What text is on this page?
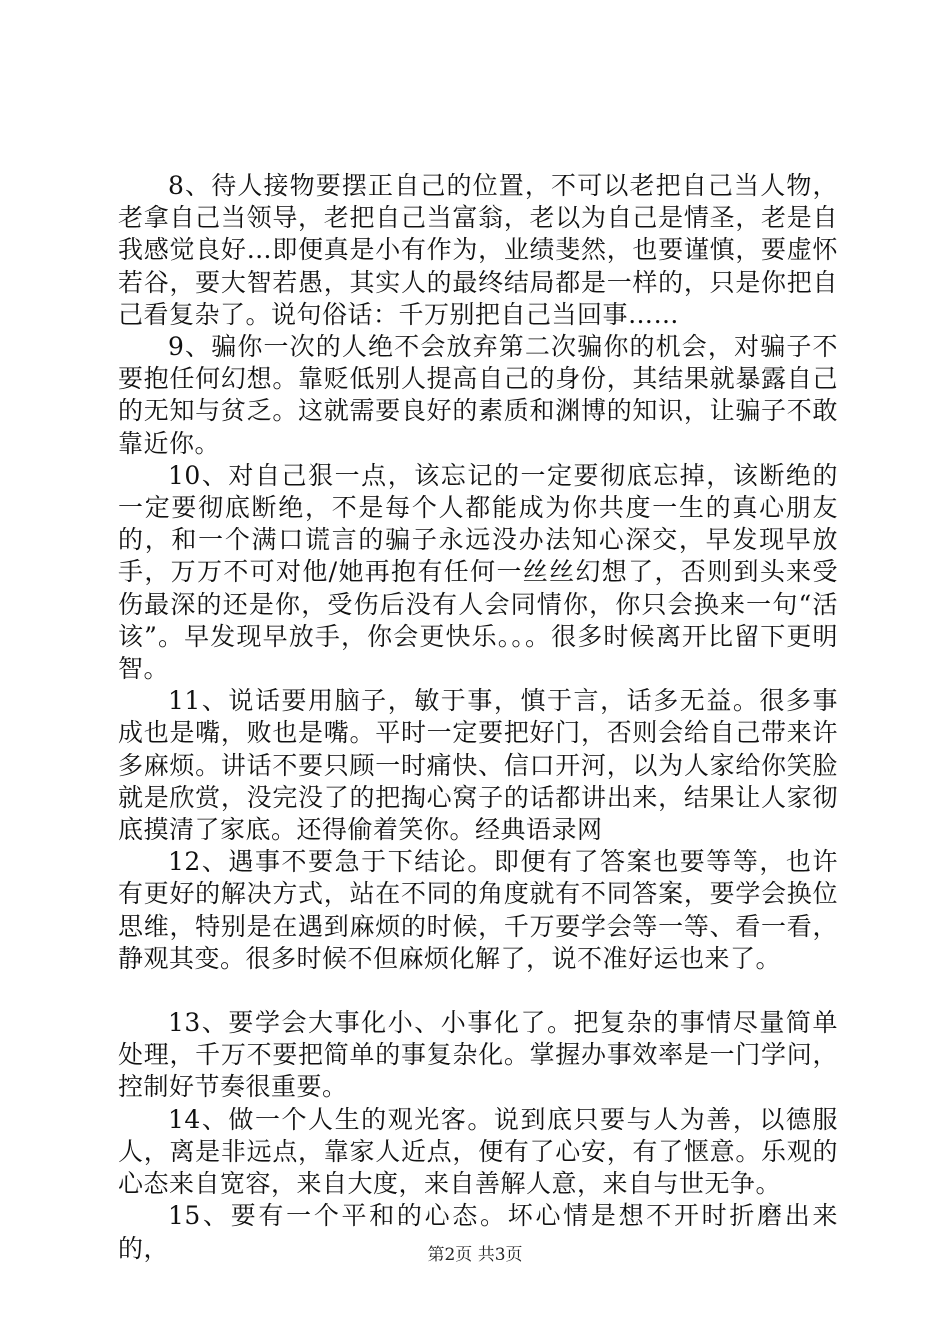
8、待人接物要摆正自己的位置，不可以老把自己当人物，老拿自己当领导，老把自己当富翁，老以为自己是情圣，老是自我感觉良好…即便真是小有作为，业绩斐然，也要谨慎，要虚怀若谷，要大智若愚，其实人的最终结局都是一样的，只是你把自己看复杂了。说句俗话：千万别把自己当回事……

9、骗你一次的人绝不会放弃第二次骗你的机会，对骗子不要抱任何幻想。靠贬低别人提高自己的身份，其结果就暴露自己的无知与贫乏。这就需要良好的素质和渊博的知识，让骗子不敢靠近你。

10、对自己狠一点，该忘记的一定要彻底忘掉，该断绝的一定要彻底断绝，不是每个人都能成为你共度一生的真心朋友的，和一个满口谎言的骗子永远没办法知心深交，早发现早放手，万万不可对他/她再抱有任何一丝丝幻想了，否则到头来受伤最深的还是你，受伤后没有人会同情你，你只会换来一句“活该”。早发现早放手，你会更快乐。。。很多时候离开比留下更明智。

11、说话要用脑子，敏于事，慎于言，话多无益。很多事成也是嘴，败也是嘴。平时一定要把好门，否则会给自己带来许多麻烦。讲话不要只顾一时痛快、信口开河，以为人家给你笑脸就是欣赏，没完没了的把掏心窝子的话都讲出来，结果让人家彻底摸清了家底。还得偷着笑你。经典语录网

12、遇事不要急于下结论。即便有了答案也要等等，也许有更好的解决方式，站在不同的角度就有不同答案，要学会换位思维，特别是在遇到麻烦的时候，千万要学会等一等、看一看，静观其变。很多时候不但麻烦化解了，说不准好运也来了。

13、要学会大事化小、小事化了。把复杂的事情尽量简单处理，千万不要把简单的事复杂化。掌握办事效率是一门学问，控制好节奏很重要。

14、做一个人生的观光客。说到底只要与人为善，以德服人，离是非远点，靠家人近点，便有了心安，有了惬意。乐观的心态来自宽容，来自大度，来自善解人意，来自与世无争。

15、要有一个平和的心态。坏心情是想不开时折磨出来的，	第2页 共3页
